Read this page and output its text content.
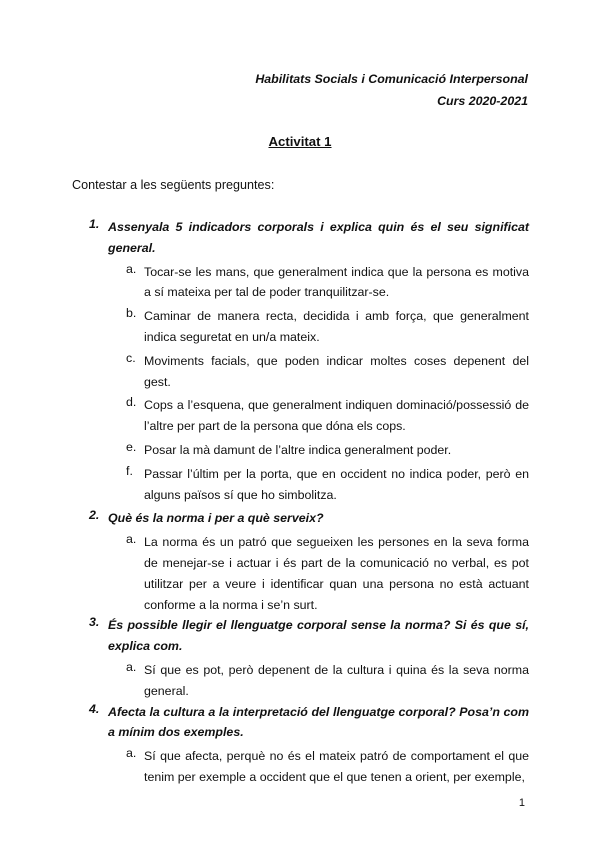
Habilitats Socials i Comunicació Interpersonal
Curs 2020-2021
Activitat 1
Contestar a les següents preguntes:
1. Assenyala 5 indicadors corporals i explica quin és el seu significat general.
a. Tocar-se les mans, que generalment indica que la persona es motiva a sí mateixa per tal de poder tranquilitzar-se.
b. Caminar de manera recta, decidida i amb força, que generalment indica seguretat en un/a mateix.
c. Moviments facials, que poden indicar moltes coses depenent del gest.
d. Cops a l’esquena, que generalment indiquen dominació/possessió de l’altre per part de la persona que dóna els cops.
e. Posar la mà damunt de l’altre indica generalment poder.
f. Passar l’últim per la porta, que en occident no indica poder, però en alguns països sí que ho simbolitza.
2. Què és la norma i per a què serveix?
a. La norma és un patró que segueixen les persones en la seva forma de menejar-se i actuar i és part de la comunicació no verbal, es pot utilitzar per a veure i identificar quan una persona no està actuant conforme a la norma i se’n surt.
3. És possible llegir el llenguatge corporal sense la norma? Si és que sí, explica com.
a. Sí que es pot, però depenent de la cultura i quina és la seva norma general.
4. Afecta la cultura a la interpretació del llenguatge corporal? Posa’n com a mínim dos exemples.
a. Sí que afecta, perquè no és el mateix patró de comportament el que tenim per exemple a occident que el que tenen a orient, per exemple,
1
